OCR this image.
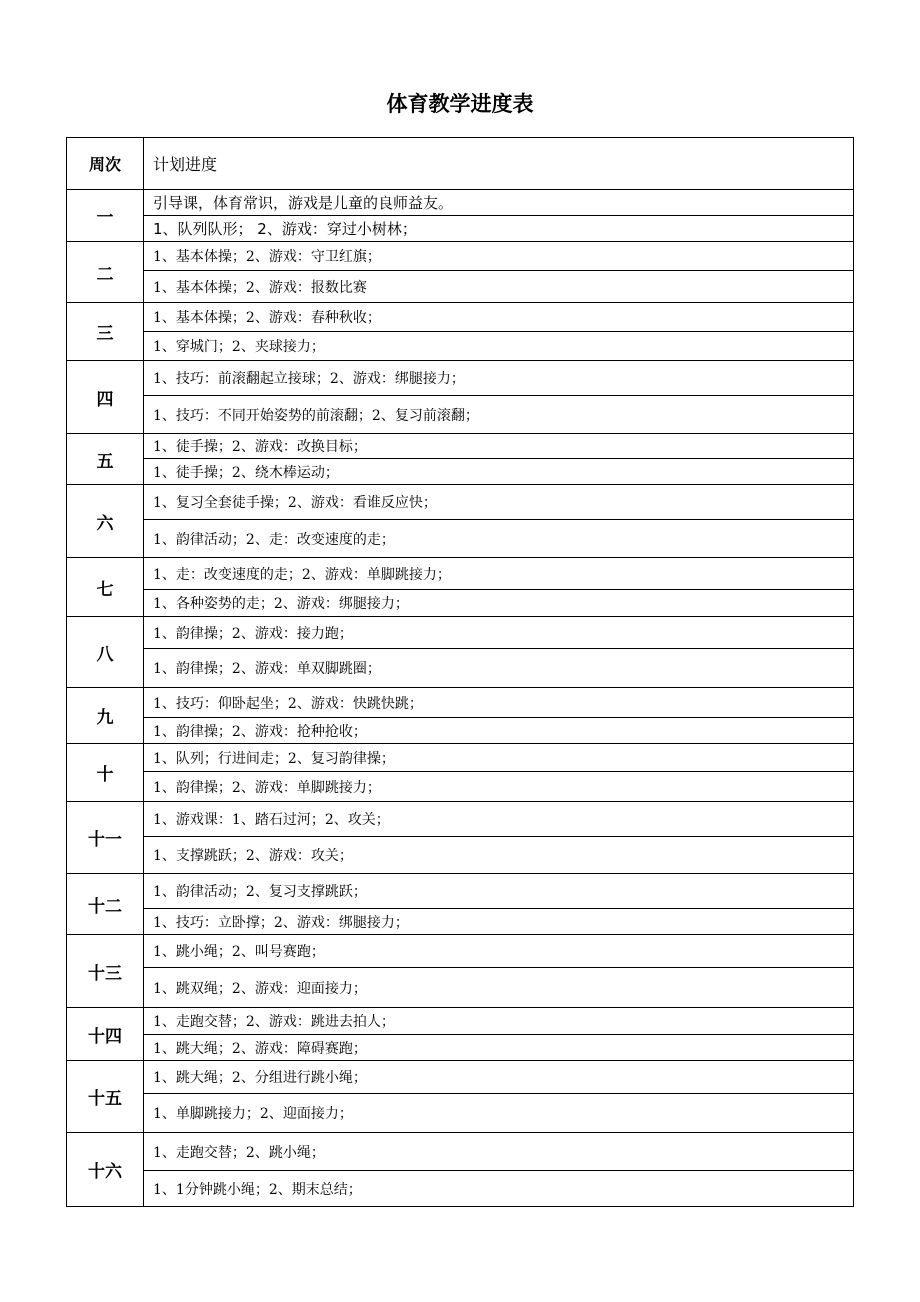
体育教学进度表
周次	计划进度
一	引导课，体育常识，游戏是儿童的良师益友。
	1、队列队形； 2、游戏：穿过小树林；
二	1、基本体操；2、游戏：守卫红旗；
	1、基本体操；2、游戏：报数比赛
三	1、基本体操；2、游戏：春种秋收；
	1、穿城门；2、夹球接力；
四	1、技巧：前滚翻起立接球；2、游戏：绑腿接力；
	1、技巧：不同开始姿势的前滚翻；2、复习前滚翻；
五	1、徒手操；2、游戏：改换目标；
	1、徒手操；2、绕木棒运动；
六	1、复习全套徒手操；2、游戏：看谁反应快；
	1、韵律活动；2、走：改变速度的走；
七	1、走：改变速度的走；2、游戏：单脚跳接力；
	1、各种姿势的走；2、游戏：绑腿接力；
八	1、韵律操；2、游戏：接力跑；
	1、韵律操；2、游戏：单双脚跳圈；
九	1、技巧：仰卧起坐；2、游戏：快跳快跳；
	1、韵律操；2、游戏：抢种抢收；
十	1、队列；行进间走；2、复习韵律操；
	1、韵律操；2、游戏：单脚跳接力；
十一	1、游戏课：1、踏石过河；2、攻关；
	1、支撑跳跃；2、游戏：攻关；
十二	1、韵律活动；2、复习支撑跳跃；
	1、技巧：立卧撑；2、游戏：绑腿接力；
十三	1、跳小绳；2、叫号赛跑；
	1、跳双绳；2、游戏：迎面接力；
十四	1、走跑交替；2、游戏：跳进去拍人；
	1、跳大绳；2、游戏：障碍赛跑；
十五	1、跳大绳；2、分组进行跳小绳；
	1、单脚跳接力；2、迎面接力；
十六	1、走跑交替；2、跳小绳；
	1、1分钟跳小绳；2、期末总结；
